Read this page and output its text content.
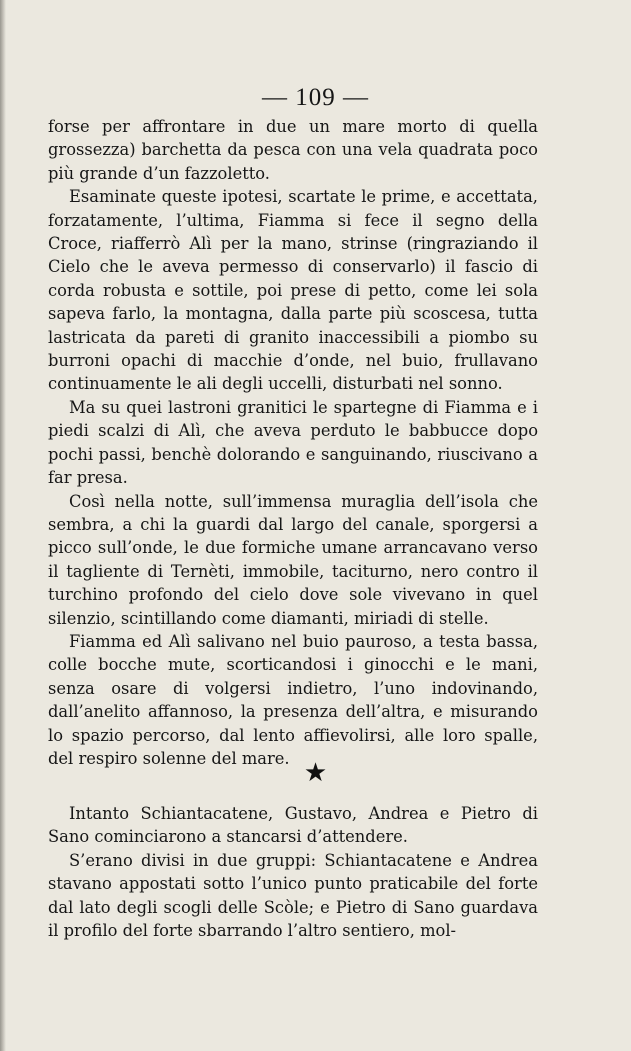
— 109 —

forse per affrontare in due un mare morto di quella grossezza) barchetta da pesca con una vela quadrata poco più grande d’un fazzoletto.

Esaminate queste ipotesi, scartate le prime, e accettata, forzatamente, l’ultima, Fiamma si fece il segno della Croce, riafferrò Alì per la mano, strinse (ringraziando il Cielo che le aveva permesso di conservarlo) il fascio di corda robusta e sottile, poi prese di petto, come lei sola sapeva farlo, la montagna, dalla parte più scoscesa, tutta lastricata da pareti di granito inaccessibili a piombo su burroni opachi di macchie d’onde, nel buio, frullavano continuamente le ali degli uccelli, disturbati nel sonno.

Ma su quei lastroni granitici le spartegne di Fiamma e i piedi scalzi di Alì, che aveva perduto le babbucce dopo pochi passi, benchè dolorando e sanguinando, riuscivano a far presa.

Così nella notte, sull’immensa muraglia dell’isola che sembra, a chi la guardi dal largo del canale, sporgersi a picco sull’onde, le due formiche umane arrancavano verso il tagliente di Ternèti, immobile, taciturno, nero contro il turchino profondo del cielo dove sole vivevano in quel silenzio, scintillando come diamanti, miriadi di stelle.

Fiamma ed Alì salivano nel buio pauroso, a testa bassa, colle bocche mute, scorticandosi i ginocchi e le mani, senza osare di volgersi indietro, l’uno indovinando, dall’anelito affannoso, la presenza dell’altra, e misurando lo spazio percorso, dal lento affievolirsi, alle loro spalle, del respiro solenne del mare. ★

Intanto Schiantacatene, Gustavo, Andrea e Pietro di Sano cominciarono a stancarsi d’attendere.

S’erano divisi in due gruppi: Schiantacatene e Andrea stavano appostati sotto l’unico punto praticabile del forte dal lato degli scogli delle Scòle; e Pietro di Sano guardava il profilo del forte sbarrando l’altro sentiero, mol-
